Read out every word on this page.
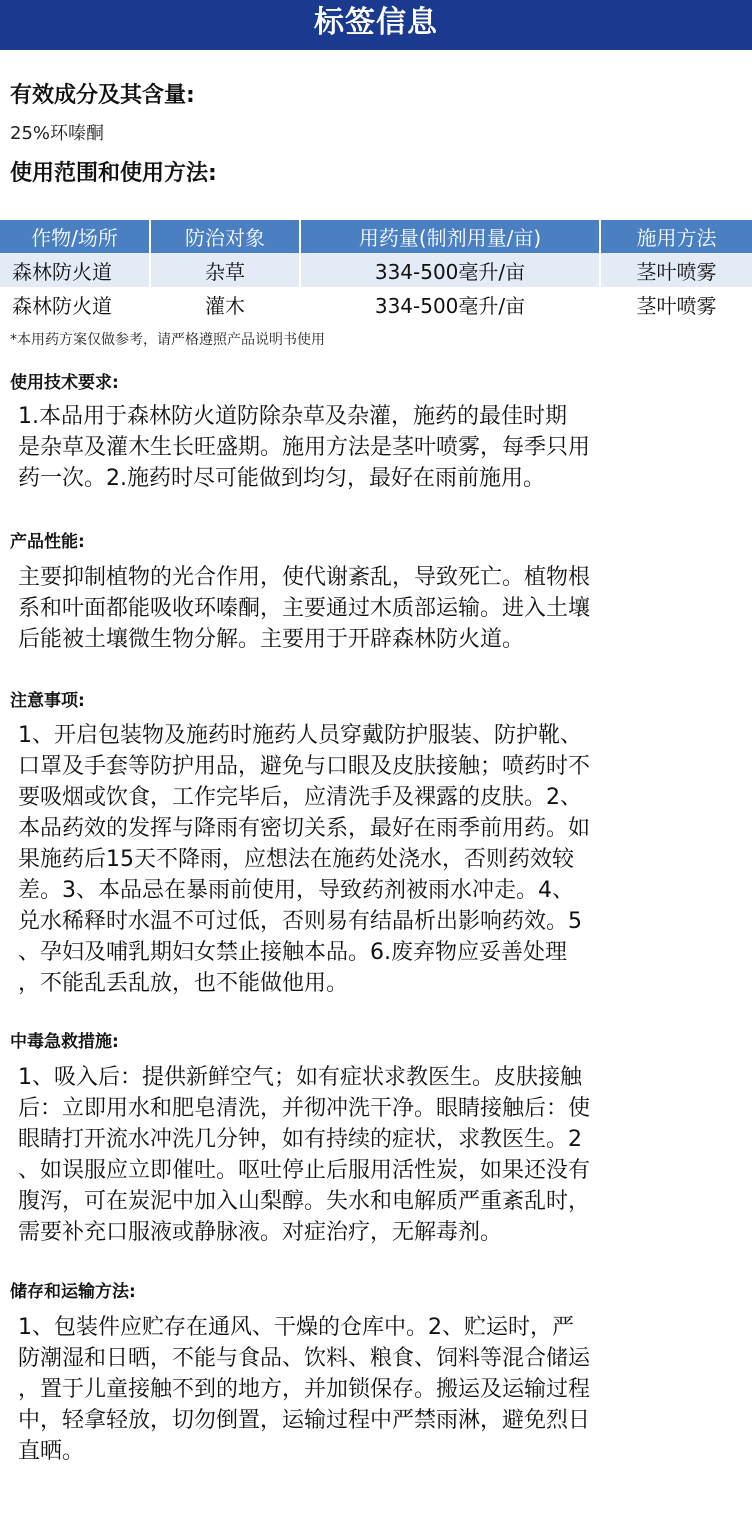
标签信息
有效成分及其含量:
25%环嗪酮
使用范围和使用方法:
作物/场所	防治对象	用药量(制剂用量/亩)	施用方法
森林防火道	杂草	334-500毫升/亩	茎叶喷雾
森林防火道	灌木	334-500毫升/亩	茎叶喷雾
*本用药方案仅做参考，请严格遵照产品说明书使用
使用技术要求:
1.本品用于森林防火道防除杂草及杂灌，施药的最佳时期
是杂草及灌木生长旺盛期。施用方法是茎叶喷雾，每季只用
药一次。2.施药时尽可能做到均匀，最好在雨前施用。
产品性能:
主要抑制植物的光合作用，使代谢紊乱，导致死亡。植物根
系和叶面都能吸收环嗪酮，主要通过木质部运输。进入土壤
后能被土壤微生物分解。主要用于开辟森林防火道。
注意事项:
1、开启包装物及施药时施药人员穿戴防护服装、防护靴、
口罩及手套等防护用品，避免与口眼及皮肤接触；喷药时不
要吸烟或饮食，工作完毕后，应清洗手及裸露的皮肤。2、
本品药效的发挥与降雨有密切关系，最好在雨季前用药。如
果施药后15天不降雨，应想法在施药处浇水，否则药效较
差。3、本品忌在暴雨前使用，导致药剂被雨水冲走。4、
兑水稀释时水温不可过低，否则易有结晶析出影响药效。5
、孕妇及哺乳期妇女禁止接触本品。6.废弃物应妥善处理
，不能乱丢乱放，也不能做他用。
中毒急救措施:
1、吸入后：提供新鲜空气；如有症状求教医生。皮肤接触
后：立即用水和肥皂清洗，并彻冲洗干净。眼睛接触后：使
眼睛打开流水冲洗几分钟，如有持续的症状，求教医生。2
、如误服应立即催吐。呕吐停止后服用活性炭，如果还没有
腹泻，可在炭泥中加入山梨醇。失水和电解质严重紊乱时，
需要补充口服液或静脉液。对症治疗，无解毒剂。
储存和运输方法:
1、包装件应贮存在通风、干燥的仓库中。2、贮运时，严
防潮湿和日晒，不能与食品、饮料、粮食、饲料等混合储运
，置于儿童接触不到的地方，并加锁保存。搬运及运输过程
中，轻拿轻放，切勿倒置，运输过程中严禁雨淋，避免烈日
直晒。
